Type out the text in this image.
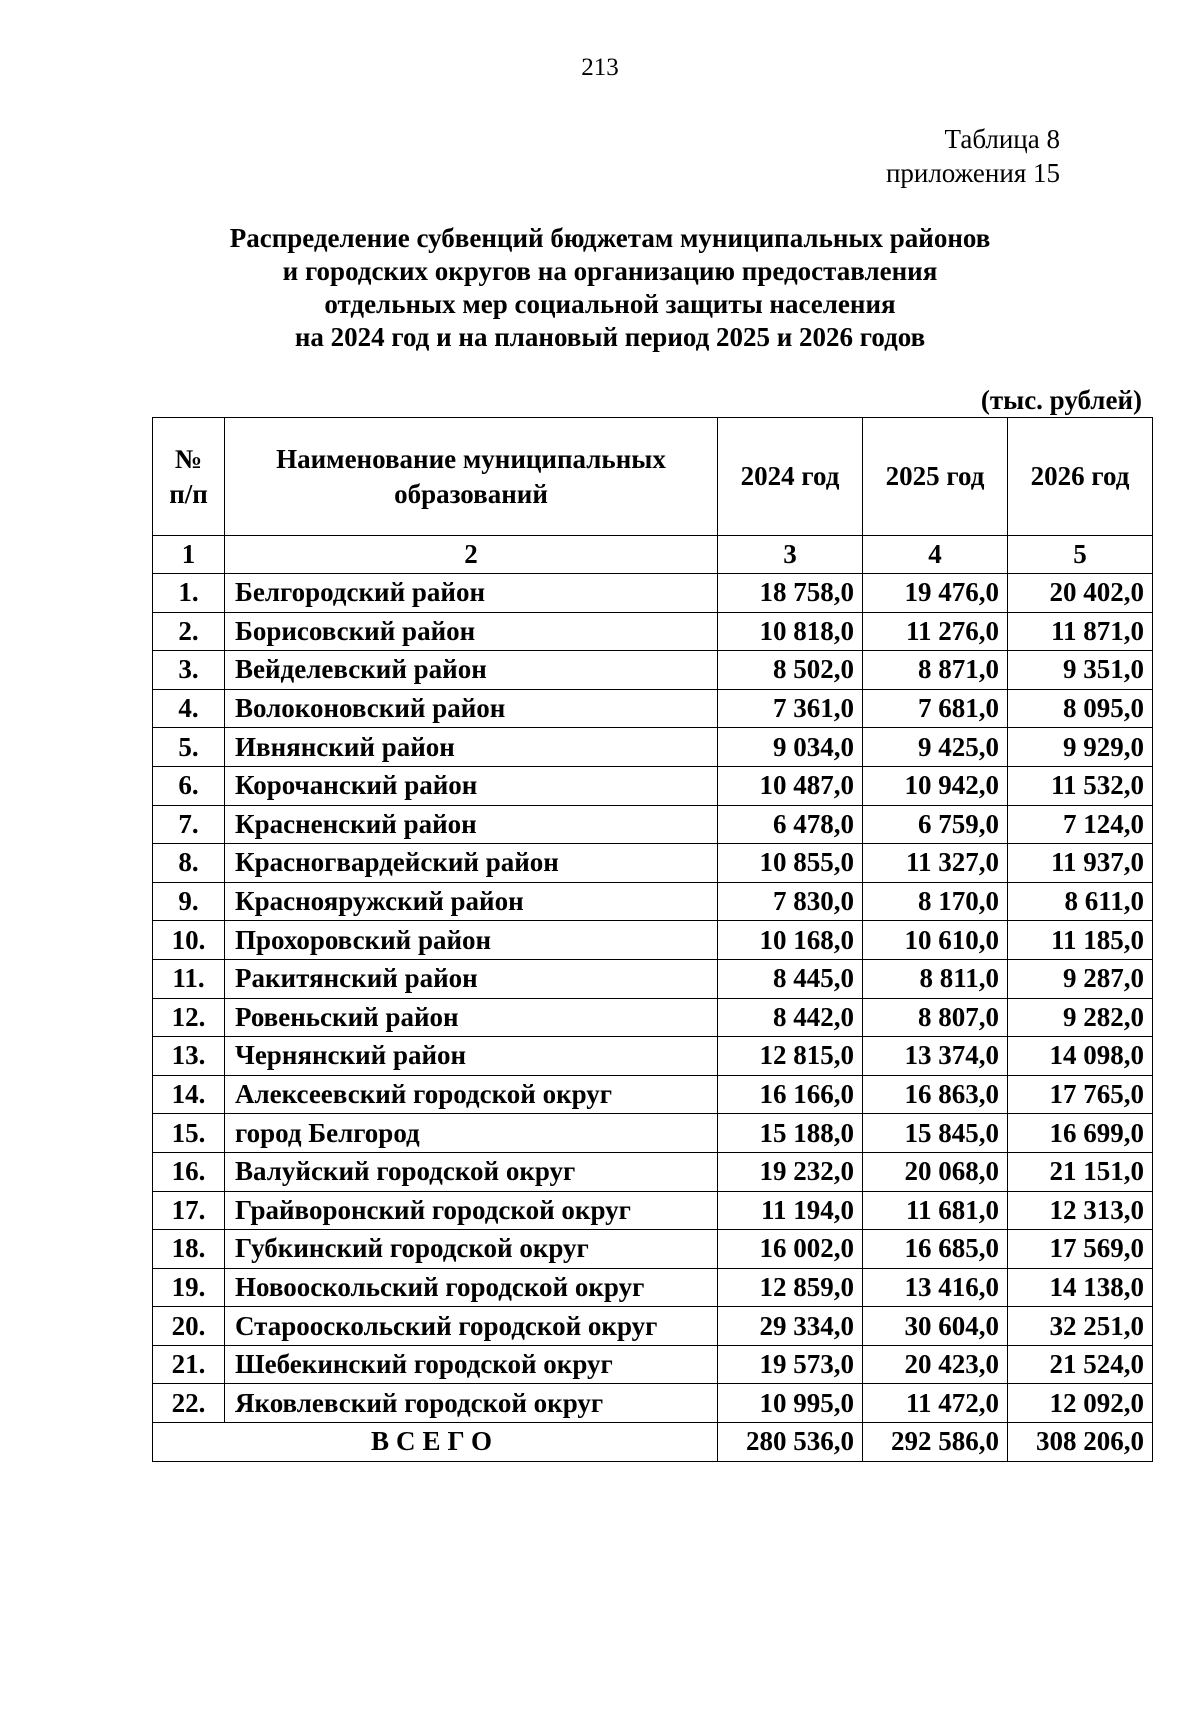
213
Таблица 8
приложения 15
Распределение субвенций бюджетам муниципальных районов
и городских округов на организацию предоставления
отдельных мер социальной защиты населения
на 2024 год и на плановый период 2025 и 2026 годов
(тыс. рублей)
№
п/п	Наименование муниципальных образований	2024 год	2025 год	2026 год
1	2	3	4	5
1.	Белгородский район	18 758,0	19 476,0	20 402,0
2.	Борисовский район	10 818,0	11 276,0	11 871,0
3.	Вейделевский район	8 502,0	8 871,0	9 351,0
4.	Волоконовский район	7 361,0	7 681,0	8 095,0
5.	Ивнянский район	9 034,0	9 425,0	9 929,0
6.	Корочанский район	10 487,0	10 942,0	11 532,0
7.	Красненский район	6 478,0	6 759,0	7 124,0
8.	Красногвардейский район	10 855,0	11 327,0	11 937,0
9.	Краснояружский район	7 830,0	8 170,0	8 611,0
10.	Прохоровский район	10 168,0	10 610,0	11 185,0
11.	Ракитянский район	8 445,0	8 811,0	9 287,0
12.	Ровеньский район	8 442,0	8 807,0	9 282,0
13.	Чернянский район	12 815,0	13 374,0	14 098,0
14.	Алексеевский городской округ	16 166,0	16 863,0	17 765,0
15.	город Белгород	15 188,0	15 845,0	16 699,0
16.	Валуйский городской округ	19 232,0	20 068,0	21 151,0
17.	Грайворонский городской округ	11 194,0	11 681,0	12 313,0
18.	Губкинский городской округ	16 002,0	16 685,0	17 569,0
19.	Новооскольский городской округ	12 859,0	13 416,0	14 138,0
20.	Старооскольский городской округ	29 334,0	30 604,0	32 251,0
21.	Шебекинский городской округ	19 573,0	20 423,0	21 524,0
22.	Яковлевский городской округ	10 995,0	11 472,0	12 092,0
ВСЕГО		280 536,0	292 586,0	308 206,0
